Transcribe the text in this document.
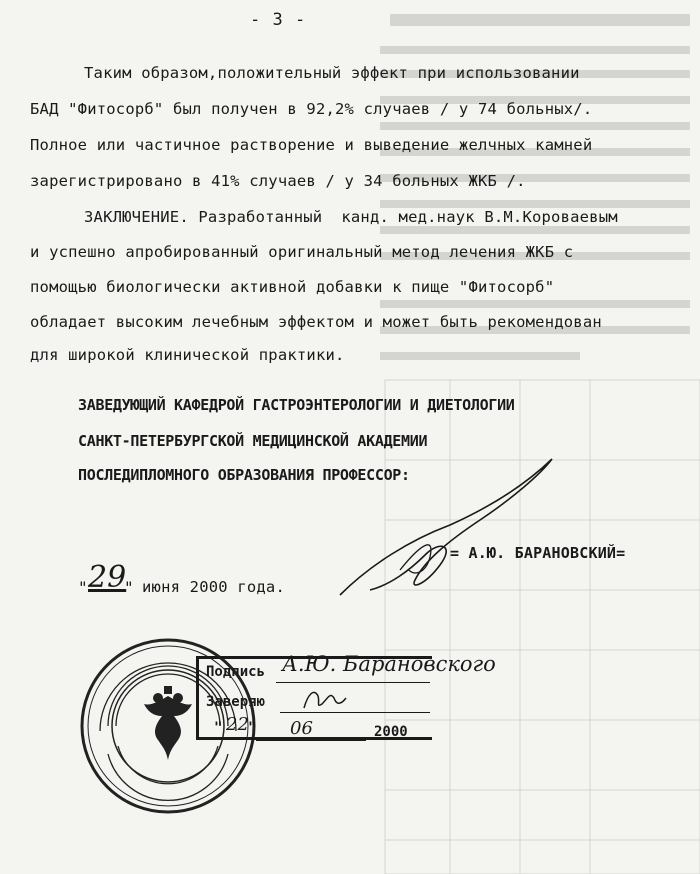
- 3 -
Таким образом,положительный эффект при использовании
БАД "Фитосорб" был получен в 92,2% случаев / у 74 больных/.
Полное или частичное растворение и выведение желчных камней
зарегистрировано в 41% случаев / у 34 больных ЖКБ /.
ЗАКЛЮЧЕНИЕ. Разработанный  канд. мед.наук В.М.Короваевым
и успешно апробированный оригинальный метод лечения ЖКБ с
помощью биологически активной добавки к пище "Фитосорб"
обладает высоким лечебным эффектом и может быть рекомендован
для широкой клинической практики.
ЗАВЕДУЮЩИЙ КАФЕДРОЙ ГАСТРОЭНТЕРОЛОГИИ И ДИЕТОЛОГИИ
САНКТ-ПЕТЕРБУРГСКОЙ МЕДИЦИНСКОЙ АКАДЕМИИ
ПОСЛЕДИПЛОМНОГО ОБРАЗОВАНИЯ ПРОФЕССОР:
= А.Ю. БАРАНОВСКИЙ=
" 29
" июня 2000 года.
Подпись А.Ю. Барановского
Заверяю
22
" " 06	2000
